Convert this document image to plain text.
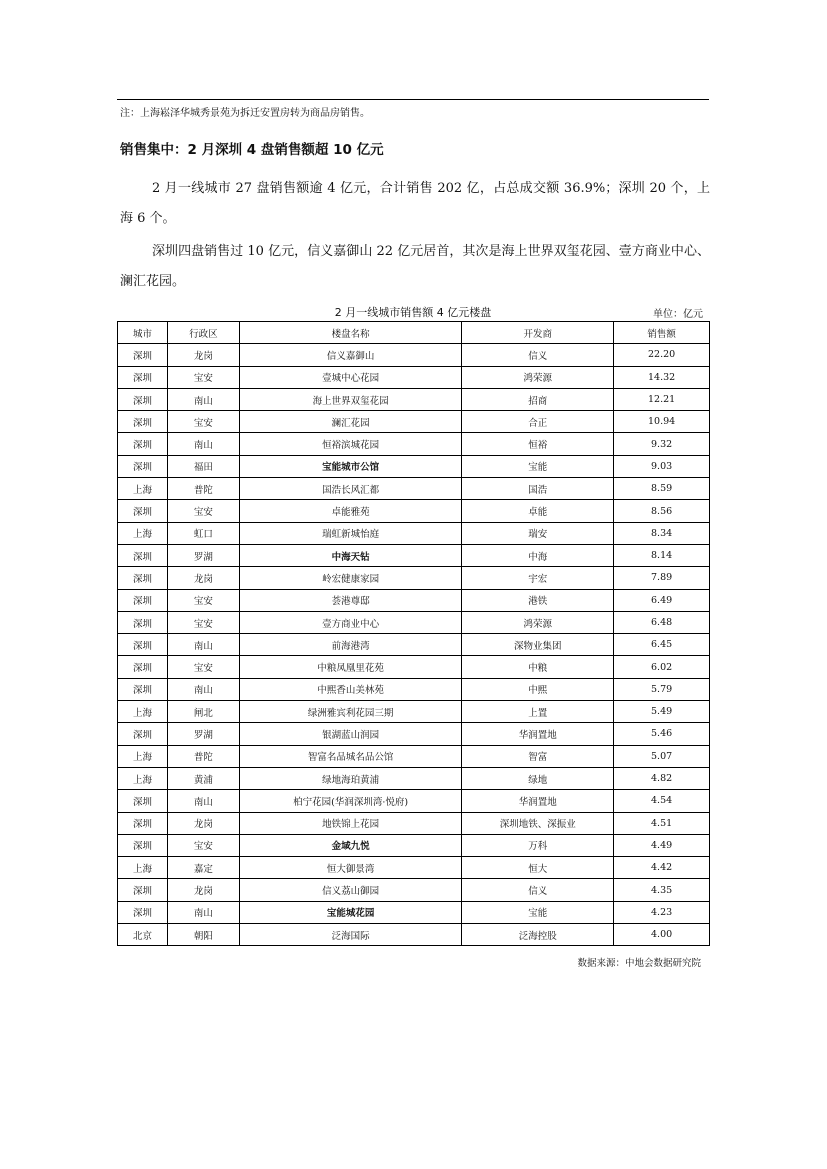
注：上海崧泽华城秀景苑为拆迁安置房转为商品房销售。
销售集中：2 月深圳 4 盘销售额超 10 亿元

2 月一线城市 27 盘销售额逾 4 亿元，合计销售 202 亿，占总成交额 36.9%；深圳 20 个，上海 6 个。

深圳四盘销售过 10 亿元，信义嘉御山 22 亿元居首，其次是海上世界双玺花园、壹方商业中心、澜汇花园。

2 月一线城市销售额 4 亿元楼盘	单位：亿元
城市	行政区	楼盘名称	开发商	销售额
深圳	龙岗	信义嘉御山	信义	22.20
深圳	宝安	壹城中心花园	鸿荣源	14.32
深圳	南山	海上世界双玺花园	招商	12.21
深圳	宝安	澜汇花园	合正	10.94
深圳	南山	恒裕滨城花园	恒裕	9.32
深圳	福田	宝能城市公馆	宝能	9.03
上海	普陀	国浩长风汇都	国浩	8.59
深圳	宝安	卓能雅苑	卓能	8.56
上海	虹口	瑞虹新城怡庭	瑞安	8.34
深圳	罗湖	中海天钻	中海	8.14
深圳	龙岗	岭宏健康家园	宇宏	7.89
深圳	宝安	荟港尊邸	港铁	6.49
深圳	宝安	壹方商业中心	鸿荣源	6.48
深圳	南山	前海港湾	深物业集团	6.45
深圳	宝安	中粮凤凰里花苑	中粮	6.02
深圳	南山	中熙香山美林苑	中熙	5.79
上海	闸北	绿洲雅宾利花园三期	上置	5.49
深圳	罗湖	银湖蓝山润园	华润置地	5.46
上海	普陀	智富名品城名品公馆	智富	5.07
上海	黄浦	绿地海珀黄浦	绿地	4.82
深圳	南山	柏宁花园(华润深圳湾·悦府)	华润置地	4.54
深圳	龙岗	地铁锦上花园	深圳地铁、深振业	4.51
深圳	宝安	金域九悦	万科	4.49
上海	嘉定	恒大御景湾	恒大	4.42
深圳	龙岗	信义荔山御园	信义	4.35
深圳	南山	宝能城花园	宝能	4.23
北京	朝阳	泛海国际	泛海控股	4.00
数据来源：中地会数据研究院
